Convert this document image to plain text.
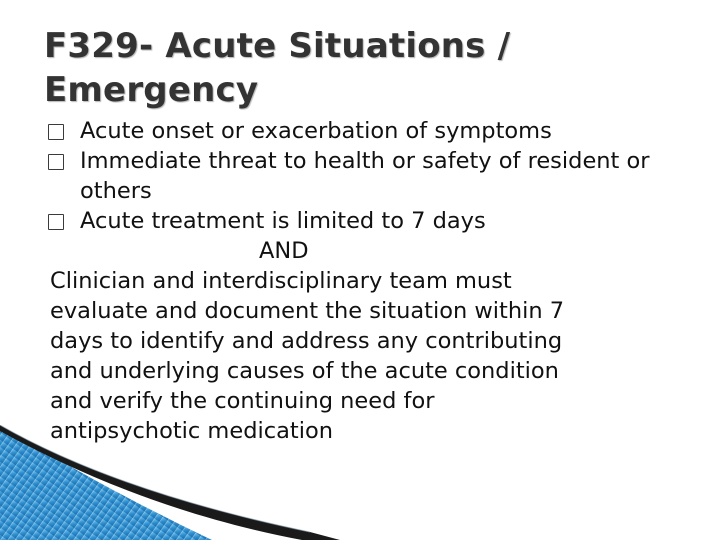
F329- Acute Situations /
Emergency
Acute onset or exacerbation of symptoms
Immediate threat to health or safety of resident or others
Acute treatment is limited to 7 days
AND

Clinician and interdisciplinary team must
evaluate and document the situation within 7
days to identify and address any contributing
and underlying causes of the acute condition
and verify the continuing need for
antipsychotic medication
